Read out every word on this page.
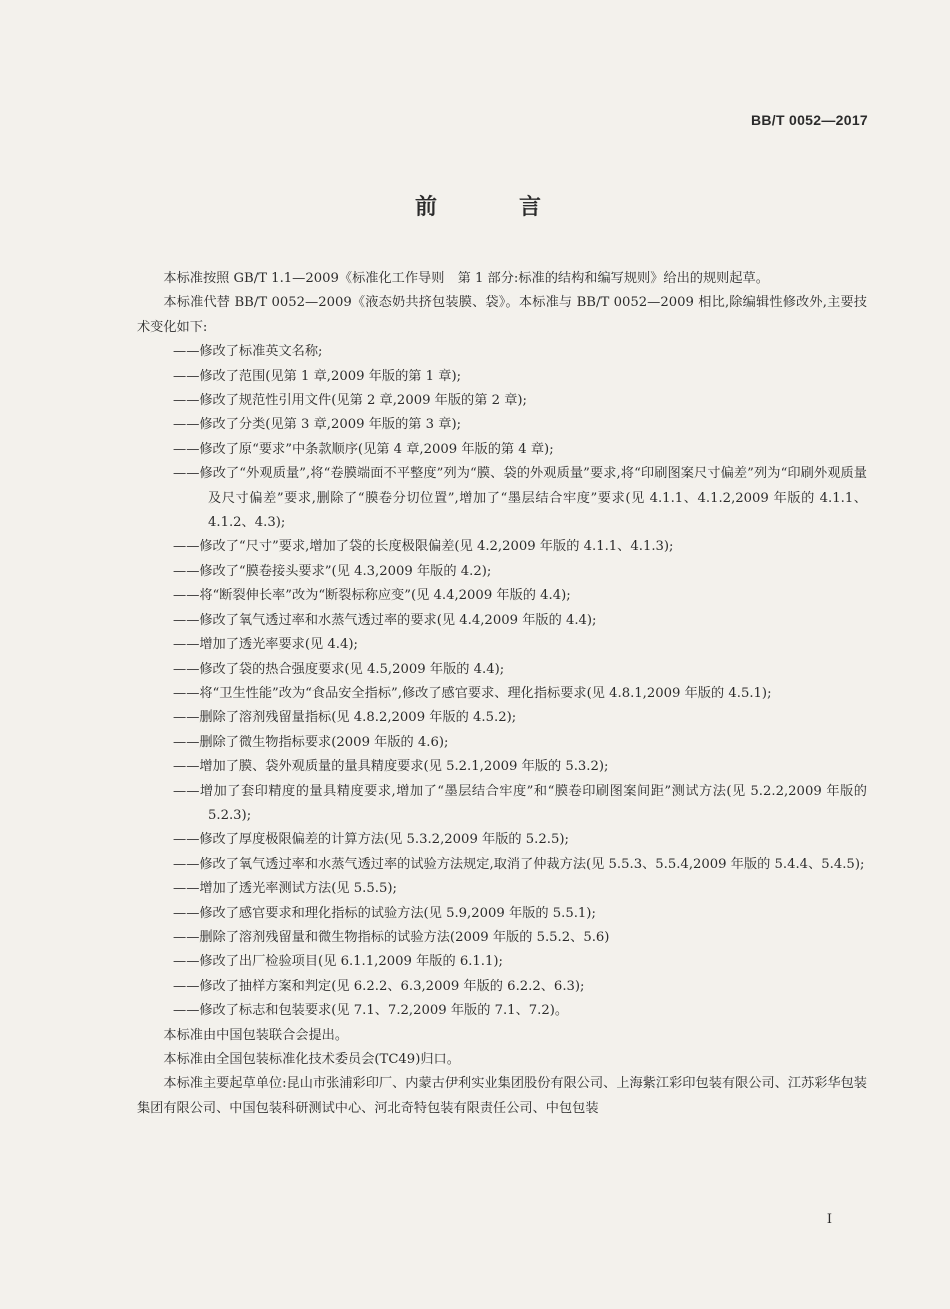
BB/T 0052—2017
前　言

本标准按照 GB/T 1.1—2009《标准化工作导则　第 1 部分:标准的结构和编写规则》给出的规则起草。

本标准代替 BB/T 0052—2009《液态奶共挤包装膜、袋》。本标准与 BB/T 0052—2009 相比,除编辑性修改外,主要技术变化如下:

——修改了标准英文名称;
——修改了范围(见第 1 章,2009 年版的第 1 章);
——修改了规范性引用文件(见第 2 章,2009 年版的第 2 章);
——修改了分类(见第 3 章,2009 年版的第 3 章);
——修改了原“要求”中条款顺序(见第 4 章,2009 年版的第 4 章);
——修改了“外观质量”,将“卷膜端面不平整度”列为“膜、袋的外观质量”要求,将“印刷图案尺寸偏差”列为“印刷外观质量及尺寸偏差”要求,删除了“膜卷分切位置”,增加了“墨层结合牢度”要求(见 4.1.1、4.1.2,2009 年版的 4.1.1、4.1.2、4.3);
——修改了“尺寸”要求,增加了袋的长度极限偏差(见 4.2,2009 年版的 4.1.1、4.1.3);
——修改了“膜卷接头要求”(见 4.3,2009 年版的 4.2);
——将“断裂伸长率”改为“断裂标称应变”(见 4.4,2009 年版的 4.4);
——修改了氧气透过率和水蒸气透过率的要求(见 4.4,2009 年版的 4.4);
——增加了透光率要求(见 4.4);
——修改了袋的热合强度要求(见 4.5,2009 年版的 4.4);
——将“卫生性能”改为“食品安全指标”,修改了感官要求、理化指标要求(见 4.8.1,2009 年版的 4.5.1);
——删除了溶剂残留量指标(见 4.8.2,2009 年版的 4.5.2);
——删除了微生物指标要求(2009 年版的 4.6);
——增加了膜、袋外观质量的量具精度要求(见 5.2.1,2009 年版的 5.3.2);
——增加了套印精度的量具精度要求,增加了“墨层结合牢度”和“膜卷印刷图案间距”测试方法(见 5.2.2,2009 年版的 5.2.3);
——修改了厚度极限偏差的计算方法(见 5.3.2,2009 年版的 5.2.5);
——修改了氧气透过率和水蒸气透过率的试验方法规定,取消了仲裁方法(见 5.5.3、5.5.4,2009 年版的 5.4.4、5.4.5);
——增加了透光率测试方法(见 5.5.5);
——修改了感官要求和理化指标的试验方法(见 5.9,2009 年版的 5.5.1);
——删除了溶剂残留量和微生物指标的试验方法(2009 年版的 5.5.2、5.6)
——修改了出厂检验项目(见 6.1.1,2009 年版的 6.1.1);
——修改了抽样方案和判定(见 6.2.2、6.3,2009 年版的 6.2.2、6.3);
——修改了标志和包装要求(见 7.1、7.2,2009 年版的 7.1、7.2)。

本标准由中国包装联合会提出。

本标准由全国包装标准化技术委员会(TC49)归口。

本标准主要起草单位:昆山市张浦彩印厂、内蒙古伊利实业集团股份有限公司、上海紫江彩印包装有限公司、江苏彩华包装集团有限公司、中国包装科研测试中心、河北奇特包装有限责任公司、中包包装

I
